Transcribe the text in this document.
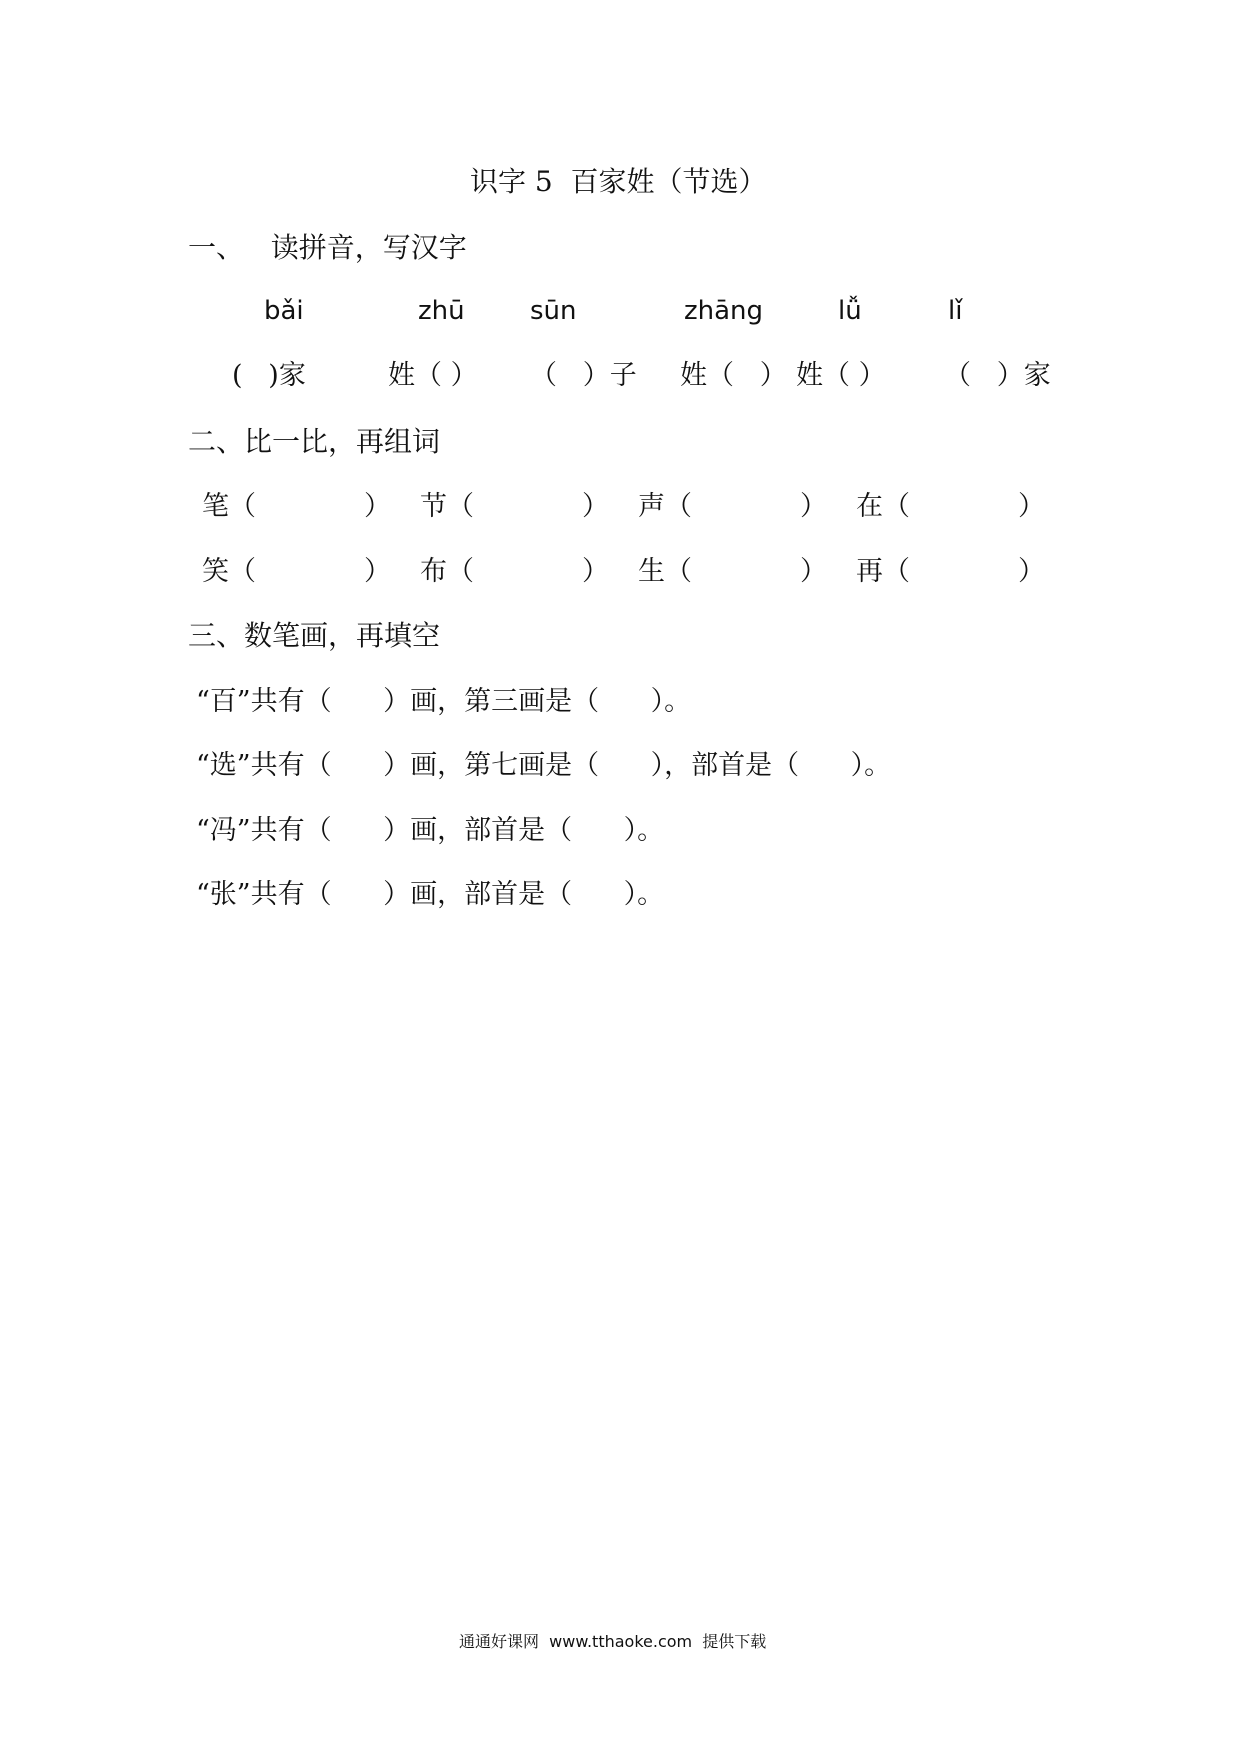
识字 5  百家姓（节选）
一、   读拼音，写汉字
bǎi	zhū	sūn	zhāng	lǚ	lǐ
(   )家	姓（ ） （   ）子 姓（   ） 姓（ ） （   ）家
二、比一比，再组词
笔（	） 节（	） 声（	） 在（	）
笑（	） 布（	） 生（	） 再（	）
三、数笔画，再填空
“百”共有（      ）画，第三画是（      ）。
“选”共有（      ）画，第七画是（      ），部首是（      ）。
“冯”共有（      ）画，部首是（      ）。
“张”共有（      ）画，部首是（      ）。
通通好课网  www.tthaoke.com  提供下载
